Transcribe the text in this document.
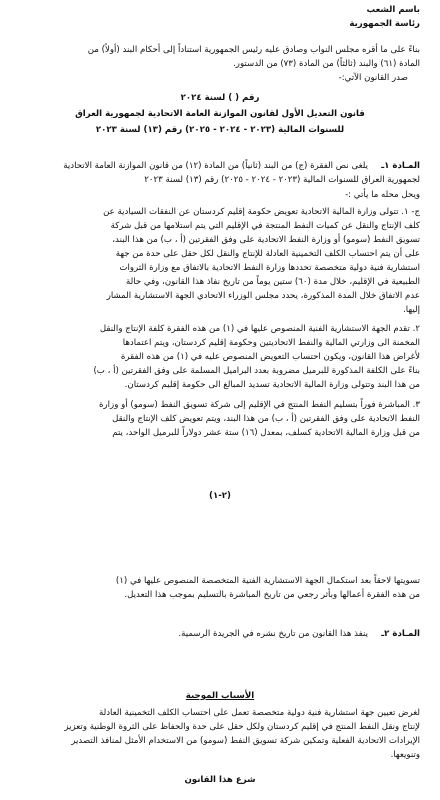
باسم الشعب
رئاسة الجمهورية
بناءً على ما أقره مجلس النواب وصادق عليه رئيس الجمهورية استناداً إلى أحكام البند (أولاً) من
المادة (٦١) والبند (ثالثاً) من المادة (٧٣) من الدستور.
صدر القانون الآتي:-
رقم ( ) لسنة ٢٠٢٤
قانون التعديل الأول لقانون الموازنة العامة الاتحادية لجمهورية العراق
للسنوات المالية (٢٠٢٣ - ٢٠٢٤ - ٢٠٢٥) رقم (١٣) لسنة ٢٠٢٣
المـادة ١ـ
يلغى نص الفقرة (ج) من البند (ثانياً) من المادة (١٢) من قانون الموازنة العامة الاتحادية
لجمهورية العراق للسنوات المالية (٢٠٢٣ - ٢٠٢٤ - ٢٠٢٥) رقم (١٣) لسنة ٢٠٢٣
ويحل محله ما يأتي :-
ج- ١. تتولى وزارة المالية الاتحادية تعويض حكومة إقليم كردستان عن النفقات السيادية عن
كلف الإنتاج والنقل عن كميات النفط المنتجة في الإقليم التي يتم استلامها من قبل شركة
تسويق النفط (سومو) أو وزارة النفط الاتحادية على وفق الفقرتين (أ ، ب) من هذا البند،
على أن يتم احتساب الكلف التخمينية العادلة للإنتاج والنقل لكل حقل على حدة من جهة
استشارية فنية دولية متخصصة تحددها وزارة النفط الاتحادية بالاتفاق مع وزارة الثروات
الطبيعية في الإقليم، خلال مدة (٦٠) ستين يوماً من تاريخ نفاذ هذا القانون، وفي حالة
عدم الاتفاق خلال المدة المذكورة، يحدد مجلس الوزراء الاتحادي الجهة الاستشارية المشار
إليها.
٢. تقدم الجهة الاستشارية الفنية المنصوص عليها في (١) من هذه الفقرة كلفة الإنتاج والنقل
المخمنة الى وزارتي المالية والنفط الاتحاديتين وحكومة إقليم كردستان، ويتم اعتمادها
لأغراض هذا القانون، ويكون احتساب التعويض المنصوص عليه في (١) من هذه الفقرة
بناءً على الكلفة المذكورة للبرميل مضروبة بعدد البراميل المسلمة على وفق الفقرتين (أ ، ب)
من هذا البند وتتولى وزارة المالية الاتحادية تسديد المبالغ الى حكومة إقليم كردستان.
٣. المباشرة فوراً بتسليم النفط المنتج في الإقليم إلى شركة تسويق النفط (سومو) أو وزارة
النفط الاتحادية على وفق الفقرتين (أ ، ب) من هذا البند، ويتم تعويض كلف الإنتاج والنقل
من قبل وزارة المالية الاتحادية كسلف، بمعدل (١٦) ستة عشر دولاراً للبرميل الواحد، يتم
(٢-١)
تسويتها لاحقاً بعد استكمال الجهة الاستشارية الفنية المتخصصة المنصوص عليها في (١)
من هذه الفقرة أعمالها وبأثر رجعي من تاريخ المباشرة بالتسليم بموجب هذا التعديل.
المـادة ٢ـ
ينفذ هذا القانون من تاريخ نشره في الجريدة الرسمية.
الأسباب الموجبة
لغرض تعيين جهة استشارية فنية دولية متخصصة تعمل على احتساب الكلف التخمينية العادلة
لإنتاج ونقل النفط المنتج في إقليم كردستان ولكل حقل على حدة والحفاظ على الثروة الوطنية وتعزيز
الإيرادات الاتحادية الفعلية وتمكين شركة تسويق النفط (سومو) من الاستخدام الأمثل لمنافذ التصدير
وتنويعها.
شرع هذا القانون
